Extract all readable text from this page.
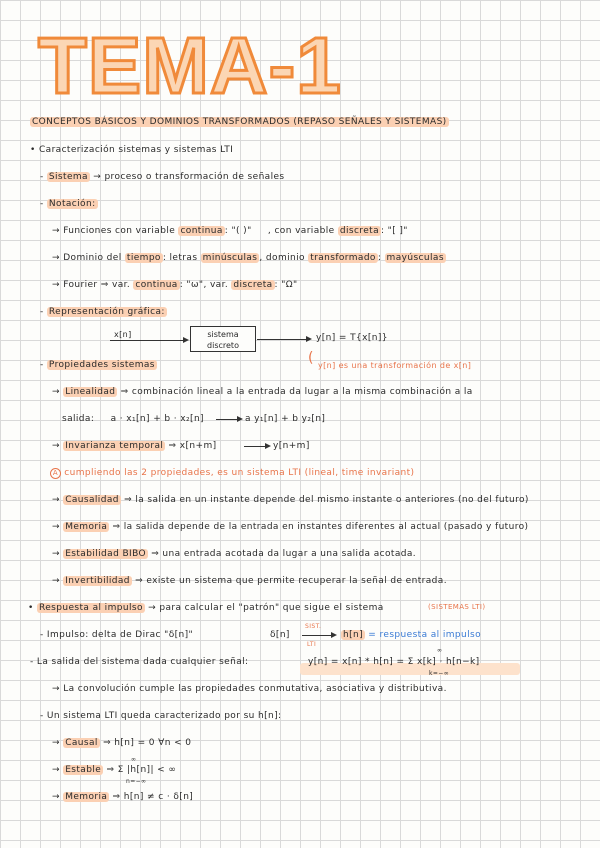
TEMA-1
CONCEPTOS BÁSICOS Y DOMINIOS TRANSFORMADOS (REPASO SEÑALES Y SISTEMAS)
• Caracterización sistemas y sistemas LTI
- Sistema → proceso o transformación de señales
- Notación:
→ Funciones con variable continua : "( )" , con variable discreta : "[ ]"
→ Dominio del tiempo : letras minúsculas , dominio transformado : mayúsculas
→ Fourier ⇒ var. continua : "ω", var. discreta : "Ω"
- Representación gráfica:
x[n]	sistema
discreto
y[n] = T{x[n]}
( y[n] es una transformación de x[n]
- Propiedades sistemas
→ Linealidad ⇒ combinación lineal a la entrada da lugar a la misma combinación a la
salida: a · x₁[n] + b · x₂[n]	a y₁[n] + b y₂[n]
→ Invarianza temporal ⇒ x[n+m]	y[n+m]
A cumpliendo las 2 propiedades, es un sistema LTI (lineal, time invariant)
→ Causalidad ⇒ la salida en un instante depende del mismo instante o anteriores (no del futuro)
→ Memoria ⇒ la salida depende de la entrada en instantes diferentes al actual (pasado y futuro)
→ Estabilidad BIBO ⇒ una entrada acotada da lugar a una salida acotada.
→ Invertibilidad ⇒ existe un sistema que permite recuperar la señal de entrada.
• Respuesta al impulso → para calcular el "patrón" que sigue el sistema	(SISTEMAS LTI)
- Impulso: delta de Dirac "δ[n]"	δ[n]
SIST.
LTI
h[n] = respuesta al impulso
- La salida del sistema dada cualquier señal:	y[n] = x[n] * h[n] = Σ x[k] · h[n−k]
∞
k=−∞
→ La convolución cumple las propiedades conmutativa, asociativa y distributiva.
- Un sistema LTI queda caracterizado por su h[n]:
→ Causal ⇒ h[n] = 0 ∀n < 0
→ Estable ⇒ Σ |h[n]| < ∞
n=−∞
∞
→ Memoria ⇒ h[n] ≠ c · δ[n]
